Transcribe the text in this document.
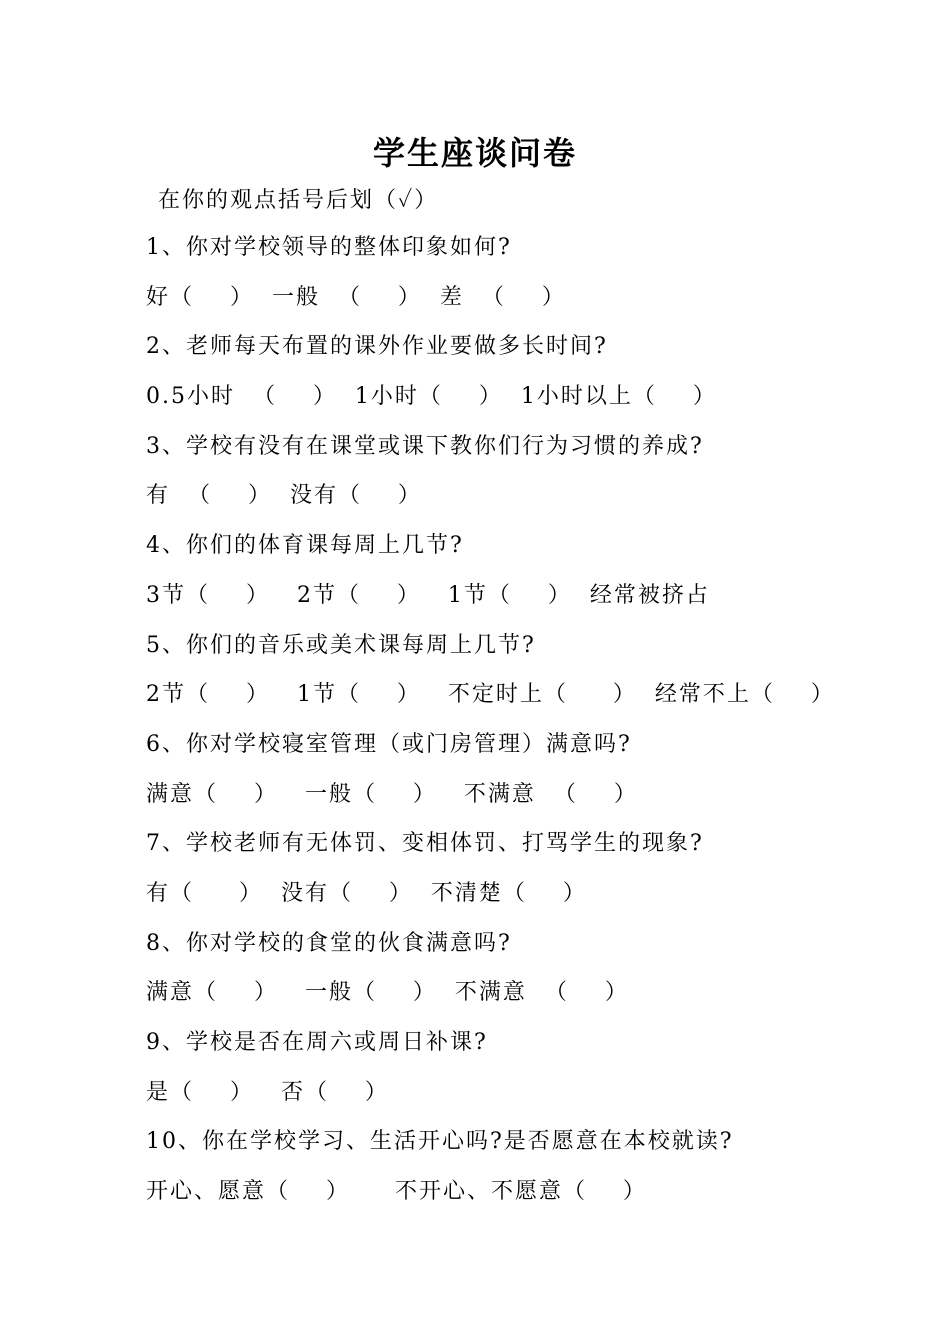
学生座谈问卷
在你的观点括号后划（✓）
1、你对学校领导的整体印象如何?
好（    ）  一般  （    ）  差  （    ）
2、老师每天布置的课外作业要做多长时间?
0.5小时  （    ）  1小时（    ）  1小时以上（    ）
3、学校有没有在课堂或课下教你们行为习惯的养成?
有  （    ）  没有（    ）
4、你们的体育课每周上几节?
3节（    ）   2节（    ）   1节（    ）  经常被挤占
5、你们的音乐或美术课每周上几节?
2节（    ）   1节（    ）   不定时上（     ）  经常不上（    ）
6、你对学校寝室管理（或门房管理）满意吗?
满意（    ）   一般（    ）   不满意  （    ）
7、学校老师有无体罚、变相体罚、打骂学生的现象?
有（     ）  没有（    ）  不清楚（    ）
8、你对学校的食堂的伙食满意吗?
满意（    ）   一般（    ）  不满意  （    ）
9、学校是否在周六或周日补课?
是（    ）   否（    ）
10、你在学校学习、生活开心吗?是否愿意在本校就读?
开心、愿意（    ）     不开心、不愿意（    ）
